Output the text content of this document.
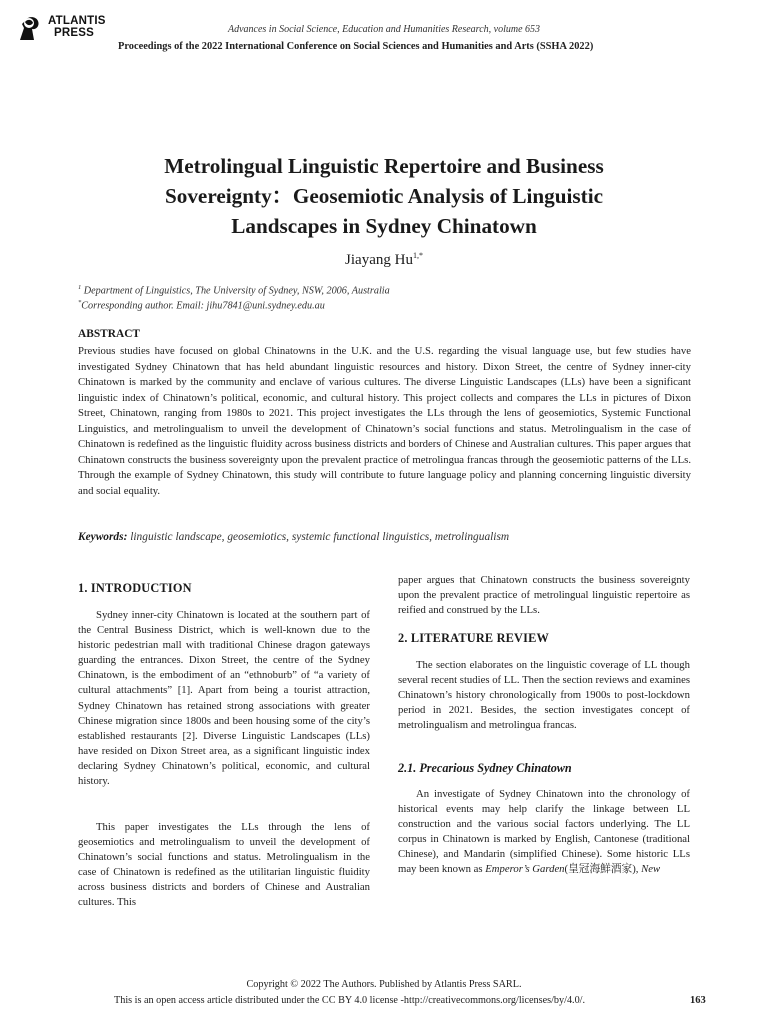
ATLANTIS
PRESS	Advances in Social Science, Education and Humanities Research, volume 653
Proceedings of the 2022 International Conference on Social Sciences and Humanities and Arts (SSHA 2022)
Metrolingual Linguistic Repertoire and Business
Sovereignty：Geosemiotic Analysis of Linguistic
Landscapes in Sydney Chinatown
Jiayang $Hu^{1,*}$
$^1$ Department of Linguistics, The University of Sydney, NSW, 2006, Australia
*Corresponding author. Email: jihu7841@uni.sydney.edu.au
ABSTRACT
Previous studies have focused on global Chinatowns in the U.K. and the U.S. regarding the visual language use, but few studies have investigated Sydney Chinatown that has held abundant linguistic resources and history. Dixon Street, the centre of Sydney inner-city Chinatown is marked by the community and enclave of various cultures. The diverse Linguistic Landscapes (LLs) have been a significant linguistic index of Chinatown’s political, economic, and cultural history. This project collects and compares the LLs in pictures of Dixon Street, Chinatown, ranging from 1980s to 2021. This project investigates the LLs through the lens of geosemiotics, Systemic Functional Linguistics, and metrolingualism to unveil the development of Chinatown’s social functions and status. Metrolingualism in the case of Chinatown is redefined as the linguistic fluidity across business districts and borders of Chinese and Australian cultures. This paper argues that Chinatown constructs the business sovereignty upon the prevalent practice of metrolingua francas through the geosemiotic patterns of the LLs. Through the example of Sydney Chinatown, this study will contribute to future language policy and planning concerning linguistic diversity and social equality.
Keywords: linguistic landscape, geosemiotics, systemic functional linguistics, metrolingualism
1. INTRODUCTION
Sydney inner-city Chinatown is located at the southern part of the Central Business District, which is well-known due to the historic pedestrian mall with traditional Chinese dragon gateways guarding the entrances. Dixon Street, the centre of the Sydney Chinatown, is the embodiment of an “ethnoburb” of “a variety of cultural attachments” [1]. Apart from being a tourist attraction, Sydney Chinatown has retained strong associations with greater Chinese migration since 1800s and been housing some of the city’s established restaurants [2]. Diverse Linguistic Landscapes (LLs) have resided on Dixon Street area, as a significant linguistic index declaring Sydney Chinatown’s political, economic, and cultural history.
This paper investigates the LLs through the lens of geosemiotics and metrolingualism to unveil the development of Chinatown’s social functions and status. Metrolingualism in the case of Chinatown is redefined as the utilitarian linguistic fluidity across business districts and borders of Chinese and Australian cultures. This
paper argues that Chinatown constructs the business sovereignty upon the prevalent practice of metrolingual linguistic repertoire as reified and construed by the LLs.
2. LITERATURE REVIEW
The section elaborates on the linguistic coverage of LL though several recent studies of LL. Then the section reviews and examines Chinatown’s history chronologically from 1900s to post-lockdown period in 2021. Besides, the section investigates concept of metrolingualism and metrolingua francas.
2.1. Precarious Sydney Chinatown
An investigate of Sydney Chinatown into the chronology of historical events may help clarify the linkage between LL construction and the various social factors underlying. The LL corpus in Chinatown is marked by English, Cantonese (traditional Chinese), and Mandarin (simplified Chinese). Some historic LLs may been known as Emperor’s Garden(皇冠海鮮酒家), New
Copyright © 2022 The Authors. Published by Atlantis Press SARL.
This is an open access article distributed under the CC BY 4.0 license -http://creativecommons.org/licenses/by/4.0/.	163
